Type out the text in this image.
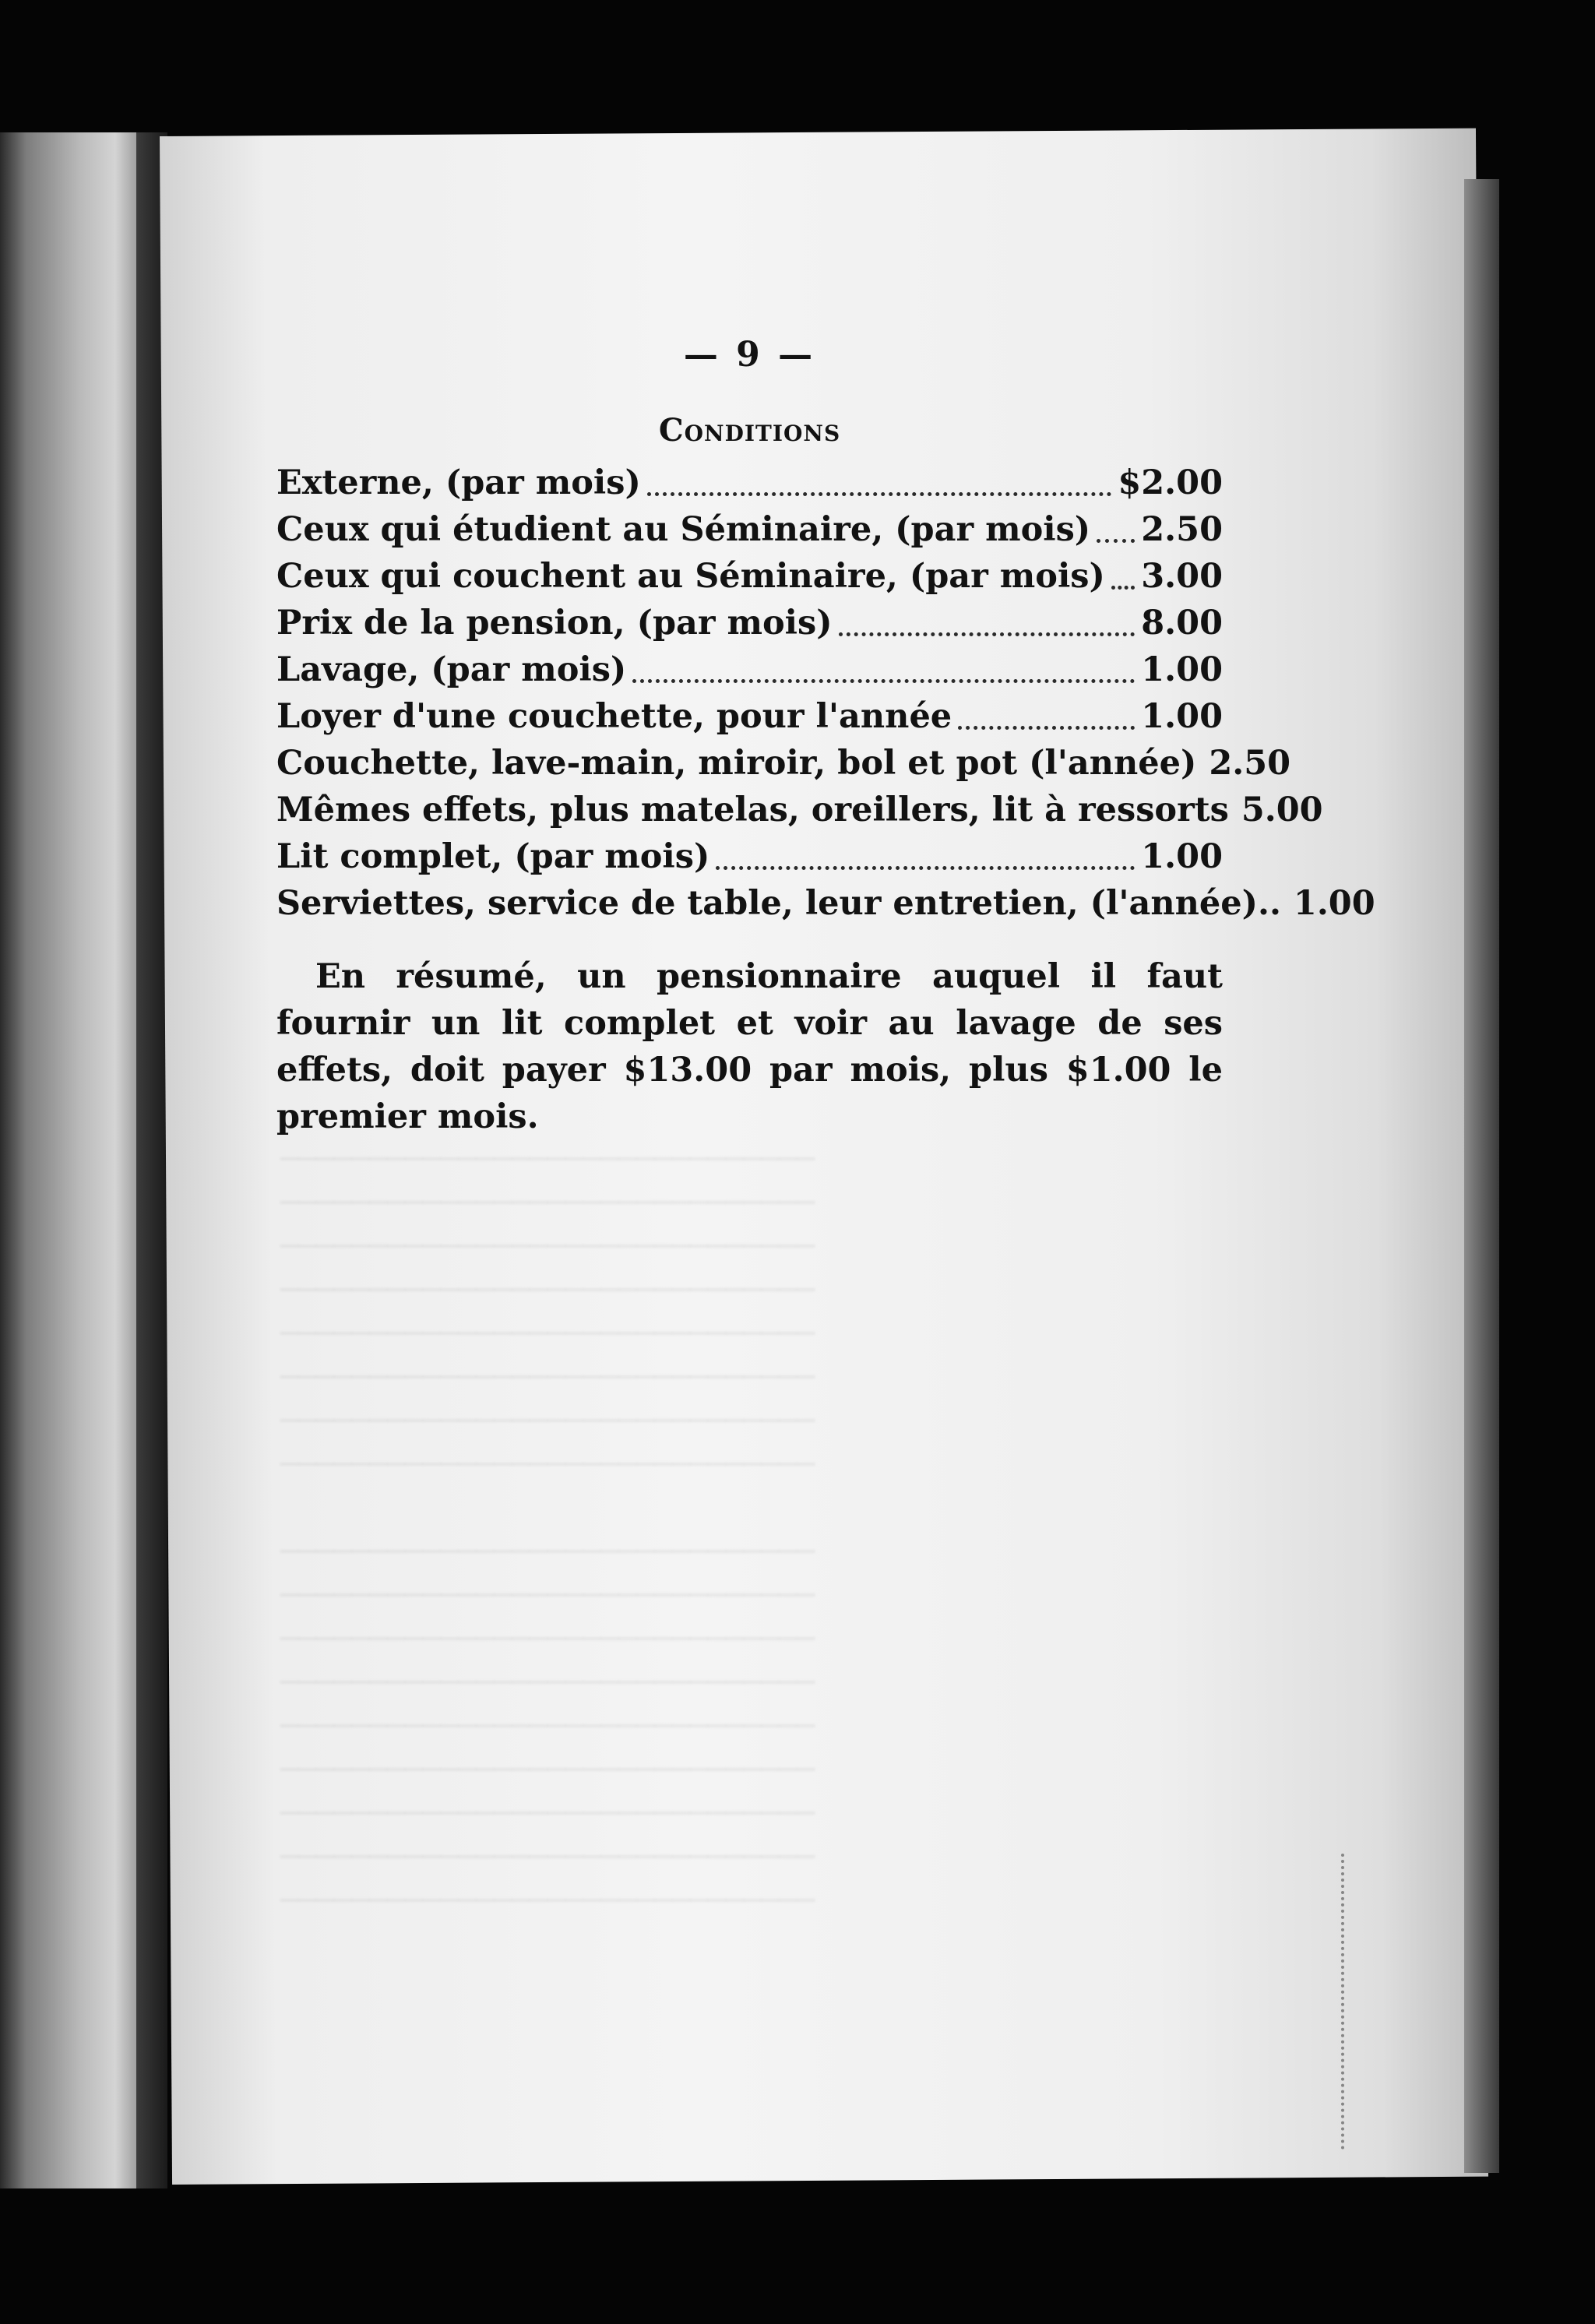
──────────────────────────────
──────────────────────────────
──────────────────────────────
──────────────────────────────
──────────────────────────────
──────────────────────────────
──────────────────────────────
──────────────────────────────
──────────────────────────────
──────────────────────────────
──────────────────────────────
──────────────────────────────
──────────────────────────────
──────────────────────────────
──────────────────────────────
──────────────────────────────
──────────────────────────────
— 9 —
Conditions
Externe, (par mois)	$2.00
Ceux qui étudient au Séminaire, (par mois) 2.50
Ceux qui couchent au Séminaire, (par mois) 3.00
Prix de la pension, (par mois)	8.00
Lavage, (par mois)	1.00
Loyer d'une couchette, pour l'année	1.00
Couchette, lave-main, miroir, bol et pot (l'année) 2.50
Mêmes effets, plus matelas, oreillers, lit à ressorts 5.00
Lit complet, (par mois)	1.00
Serviettes, service de table, leur entretien, (l'année).. 1.00

En résumé, un pensionnaire auquel il faut fournir un lit complet et voir au lavage de ses effets, doit payer $13.00 par mois, plus $1.00 le premier mois.
